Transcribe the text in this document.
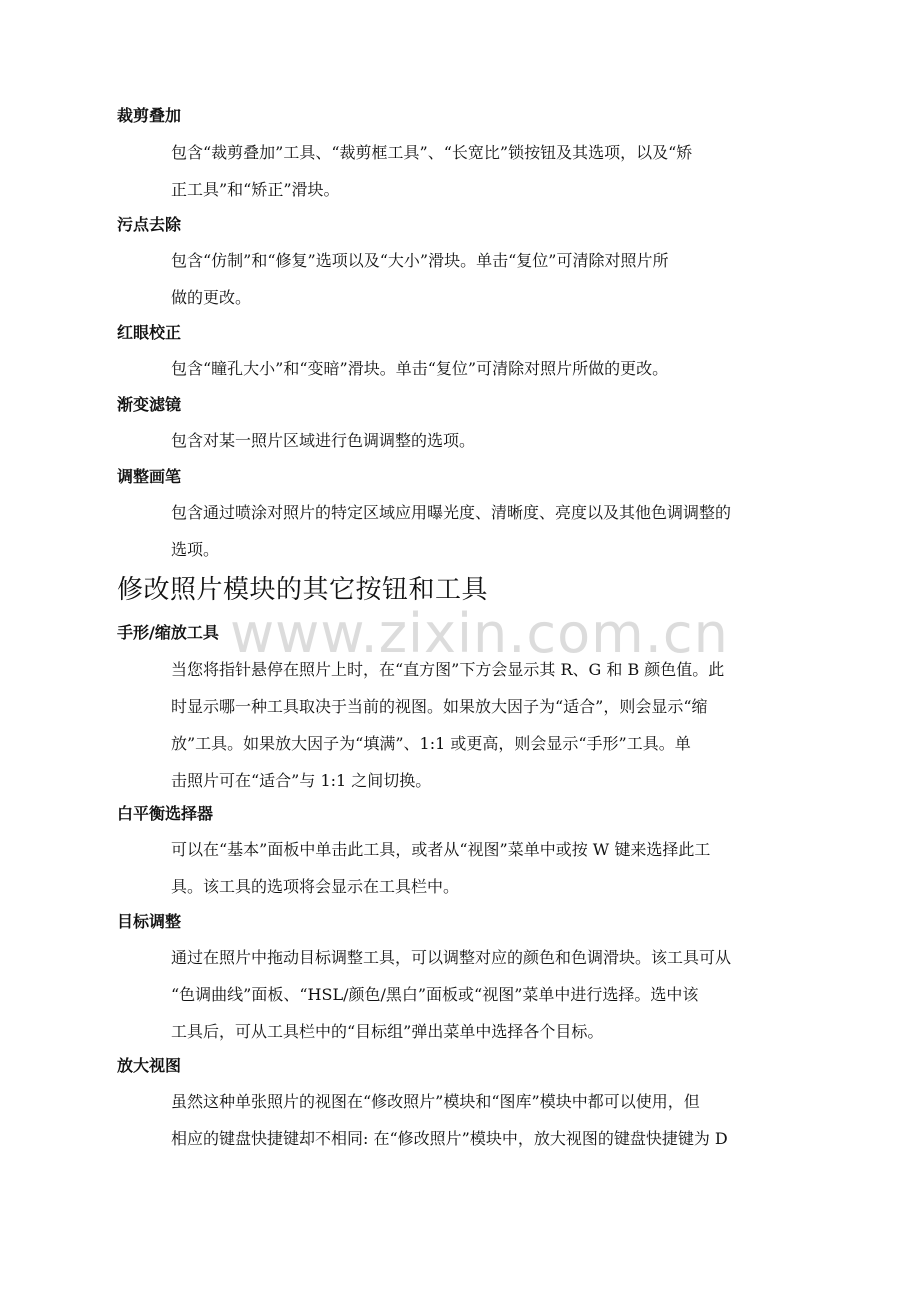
www.zixin.com.cn
裁剪叠加
包含“裁剪叠加”工具、“裁剪框工具”、“长宽比”锁按钮及其选项，以及“矫
正工具”和“矫正”滑块。
污点去除
包含“仿制”和“修复”选项以及“大小”滑块。单击“复位”可清除对照片所
做的更改。
红眼校正
包含“瞳孔大小”和“变暗”滑块。单击“复位”可清除对照片所做的更改。
渐变滤镜
包含对某一照片区域进行色调调整的选项。
调整画笔
包含通过喷涂对照片的特定区域应用曝光度、清晰度、亮度以及其他色调调整的
选项。
修改照片模块的其它按钮和工具
手形/缩放工具
当您将指针悬停在照片上时，在“直方图”下方会显示其 R、G 和 B 颜色值。此
时显示哪一种工具取决于当前的视图。如果放大因子为“适合”，则会显示“缩
放”工具。如果放大因子为“填满”、1:1 或更高，则会显示“手形”工具。单
击照片可在“适合”与 1:1 之间切换。
白平衡选择器
可以在“基本”面板中单击此工具，或者从“视图”菜单中或按 W 键来选择此工
具。该工具的选项将会显示在工具栏中。
目标调整
通过在照片中拖动目标调整工具，可以调整对应的颜色和色调滑块。该工具可从
“色调曲线”面板、“HSL/颜色/黑白”面板或“视图”菜单中进行选择。选中该
工具后，可从工具栏中的“目标组”弹出菜单中选择各个目标。
放大视图
虽然这种单张照片的视图在“修改照片”模块和“图库”模块中都可以使用，但
相应的键盘快捷键却不相同: 在“修改照片”模块中，放大视图的键盘快捷键为 D
